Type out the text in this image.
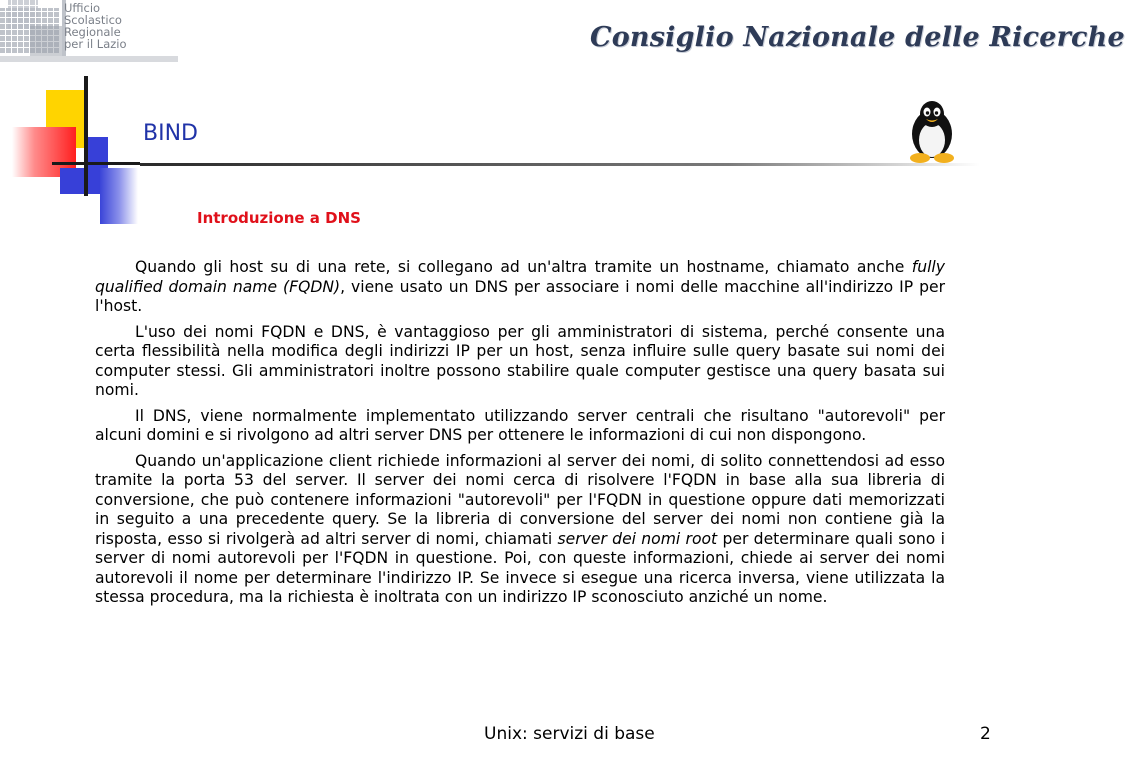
Ufficio
Scolastico
Regionale
per il Lazio	Consiglio Nazionale delle Ricerche
BIND
Introduzione a DNS

Quando gli host su di una rete, si collegano ad un'altra tramite un hostname, chiamato anche fully qualified domain name (FQDN), viene usato un DNS per associare i nomi delle macchine all'indirizzo IP per l'host.

L'uso dei nomi FQDN e DNS, è vantaggioso per gli amministratori di sistema, perché consente una certa flessibilità nella modifica degli indirizzi IP per un host, senza influire sulle query basate sui nomi dei computer stessi. Gli amministratori inoltre possono stabilire quale computer gestisce una query basata sui nomi.

Il DNS, viene normalmente implementato utilizzando server centrali che risultano "autorevoli" per alcuni domini e si rivolgono ad altri server DNS per ottenere le informazioni di cui non dispongono.

Quando un'applicazione client richiede informazioni al server dei nomi, di solito connettendosi ad esso tramite la porta 53 del server. Il server dei nomi cerca di risolvere l'FQDN in base alla sua libreria di conversione, che può contenere informazioni "autorevoli" per l'FQDN in questione oppure dati memorizzati in seguito a una precedente query. Se la libreria di conversione del server dei nomi non contiene già la risposta, esso si rivolgerà ad altri server di nomi, chiamati server dei nomi root per determinare quali sono i server di nomi autorevoli per l'FQDN in questione. Poi, con queste informazioni, chiede ai server dei nomi autorevoli il nome per determinare l'indirizzo IP. Se invece si esegue una ricerca inversa, viene utilizzata la stessa procedura, ma la richiesta è inoltrata con un indirizzo IP sconosciuto anziché un nome.

Unix: servizi di base	2
